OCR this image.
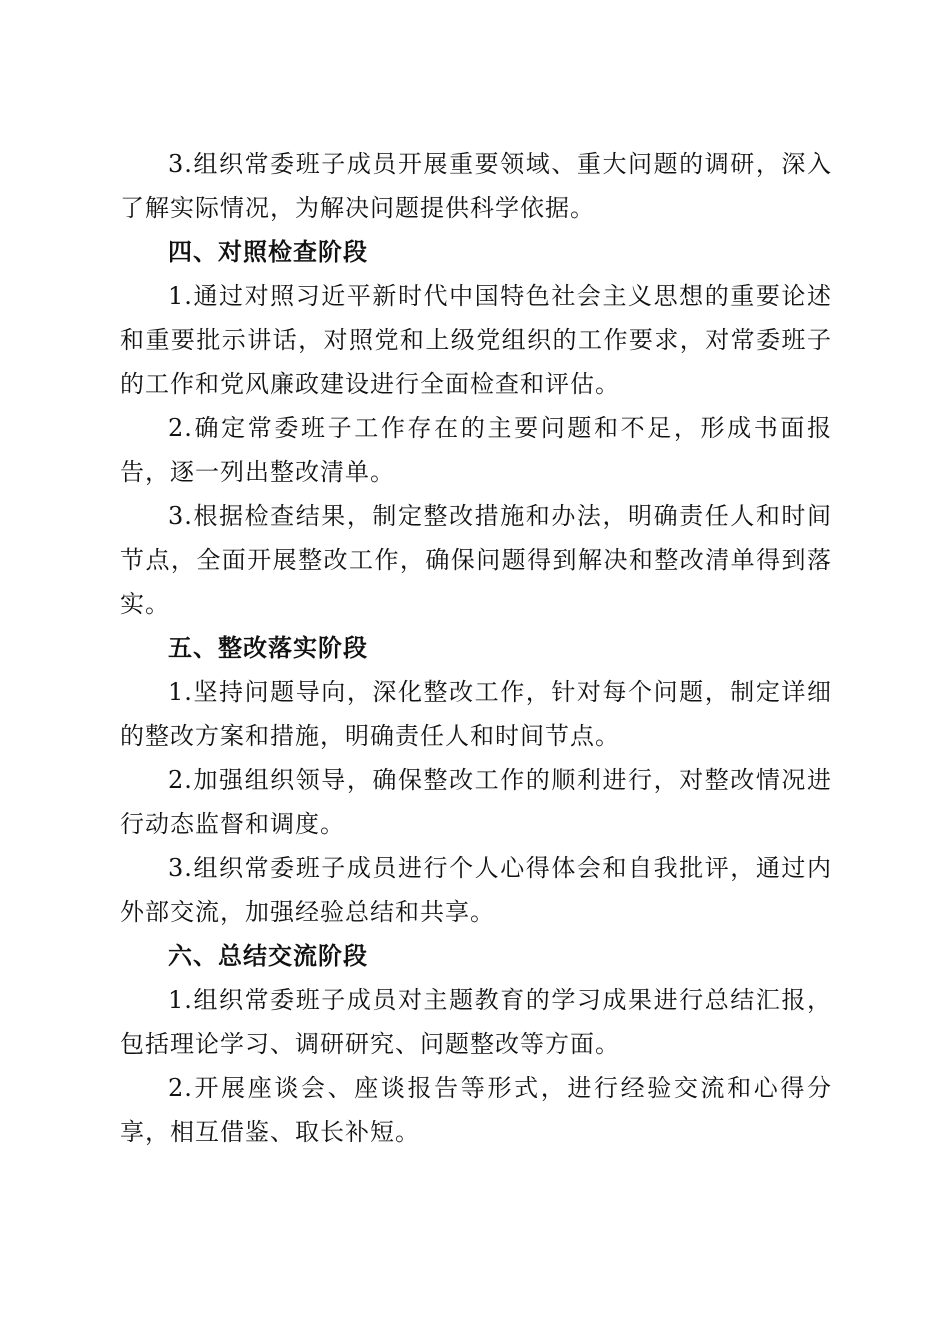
3.组织常委班子成员开展重要领域、重大问题的调研，深入了解实际情况，为解决问题提供科学依据。

四、对照检查阶段

1.通过对照习近平新时代中国特色社会主义思想的重要论述和重要批示讲话，对照党和上级党组织的工作要求，对常委班子的工作和党风廉政建设进行全面检查和评估。

2.确定常委班子工作存在的主要问题和不足，形成书面报告，逐一列出整改清单。

3.根据检查结果，制定整改措施和办法，明确责任人和时间节点，全面开展整改工作，确保问题得到解决和整改清单得到落实。

五、整改落实阶段

1.坚持问题导向，深化整改工作，针对每个问题，制定详细的整改方案和措施，明确责任人和时间节点。

2.加强组织领导，确保整改工作的顺利进行，对整改情况进行动态监督和调度。

3.组织常委班子成员进行个人心得体会和自我批评，通过内外部交流，加强经验总结和共享。

六、总结交流阶段

1.组织常委班子成员对主题教育的学习成果进行总结汇报，包括理论学习、调研研究、问题整改等方面。

2.开展座谈会、座谈报告等形式，进行经验交流和心得分享，相互借鉴、取长补短。
